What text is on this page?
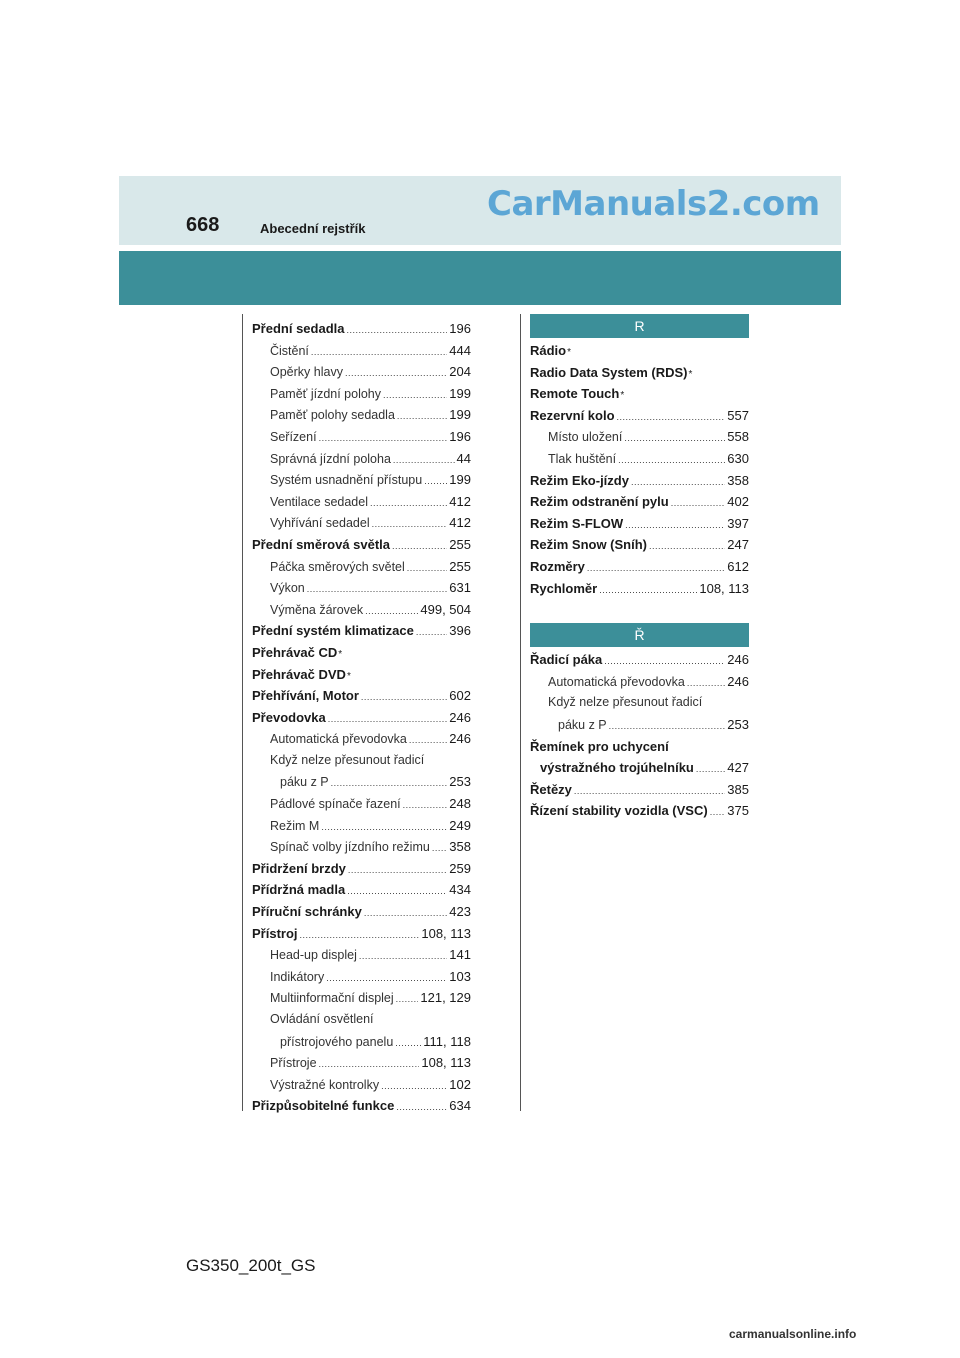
668	Abecední rejstřík
CarManuals2.com
Přední sedadla .....	196
Čistění .....	444
Opěrky hlavy .....	204
Paměť jízdní polohy .....	199
Paměť polohy sedadla .....	199
Seřízení .....	196
Správná jízdní poloha .....	44
Systém usnadnění přístupu ..... 199
Ventilace sedadel .....	412
Vyhřívání sedadel .....	412
Přední směrová světla .....	255
Páčka směrových světel .....	255
Výkon .....	631
Výměna žárovek .....	499, 504
Přední systém klimatizace .....	396
Přehrávač CD *
Přehrávač DVD *
Přehřívání, Motor .....	602
Převodovka .....	246
Automatická převodovka .....	246
Když nelze přesunout řadicí
páku z P .....	253
Pádlové spínače řazení .....	248
Režim M .....	249
Spínač volby jízdního režimu ..... 358
Přidržení brzdy .....	259
Přídržná madla .....	434
Příruční schránky .....	423
Přístroj .....	108, 113
Head-up displej .....	141
Indikátory .....	103
Multiinformační displej ..... 121, 129
Ovládání osvětlení
přístrojového panelu ..... 111, 118
Přístroje .....	108, 113
Výstražné kontrolky .....	102
Přizpůsobitelné funkce .....	634
R
Rádio *
Radio Data System (RDS) *
Remote Touch *
Rezervní kolo .....	557
Místo uložení .....	558
Tlak huštění .....	630
Režim Eko-jízdy .....	358
Režim odstranění pylu .....	402
Režim S-FLOW .....	397
Režim Snow (Sníh) .....	247
Rozměry .....	612
Rychloměr .....	108, 113
Ř
Řadicí páka .....	246
Automatická převodovka .....	246
Když nelze přesunout řadicí
páku z P .....	253
Řemínek pro uchycení
výstražného trojúhelníku .....	427
Řetězy .....	385
Řízení stability vozidla (VSC) ..... 375
GS350_200t_GS
carmanualsonline.info
